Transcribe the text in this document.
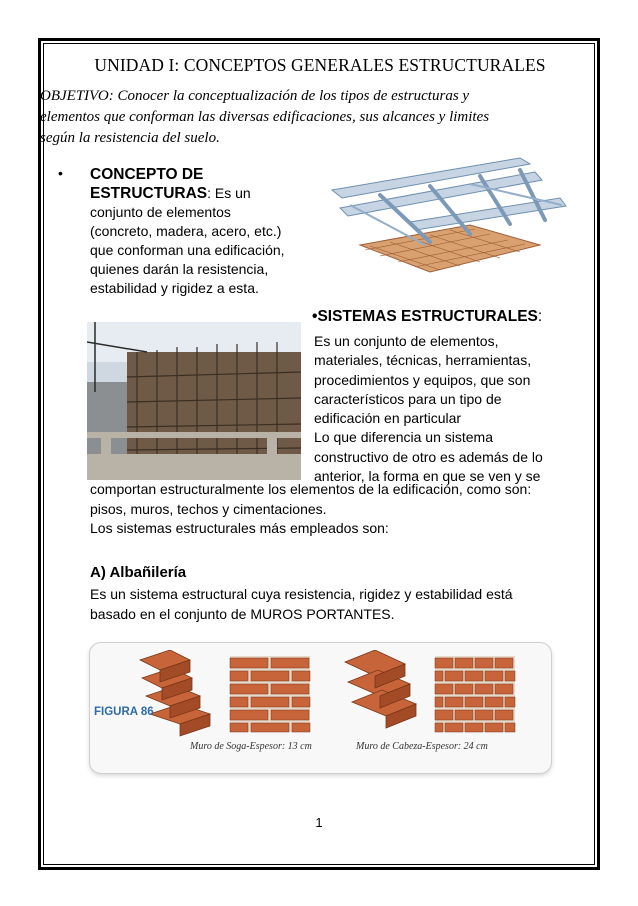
UNIDAD I: CONCEPTOS GENERALES ESTRUCTURALES
OBJETIVO: Conocer la conceptualización de los tipos de estructuras y
elementos que conforman las diversas edificaciones, sus alcances y limites
según la resistencia del suelo.
• CONCEPTO DE
ESTRUCTURAS: Es un
conjunto de elementos
(concreto, madera, acero, etc.)
que conforman una edificación,
quienes darán la resistencia,
estabilidad y rigidez a esta.
•SISTEMAS ESTRUCTURALES:
Es un conjunto de elementos,
materiales, técnicas, herramientas,
procedimientos y equipos, que son
característicos para un tipo de
edificación en particular
Lo que diferencia un sistema
constructivo de otro es además de lo
anterior, la forma en que se ven y se
comportan estructuralmente los elementos de la edificación, como son:
pisos, muros, techos y cimentaciones.
Los sistemas estructurales más empleados son:
A) Albañilería
Es un sistema estructural cuya resistencia, rigidez y estabilidad está
basado en el conjunto de MUROS PORTANTES.
FIGURA 86
Muro de Soga-Espesor: 13 cm	Muro de Cabeza-Espesor: 24 cm
1
